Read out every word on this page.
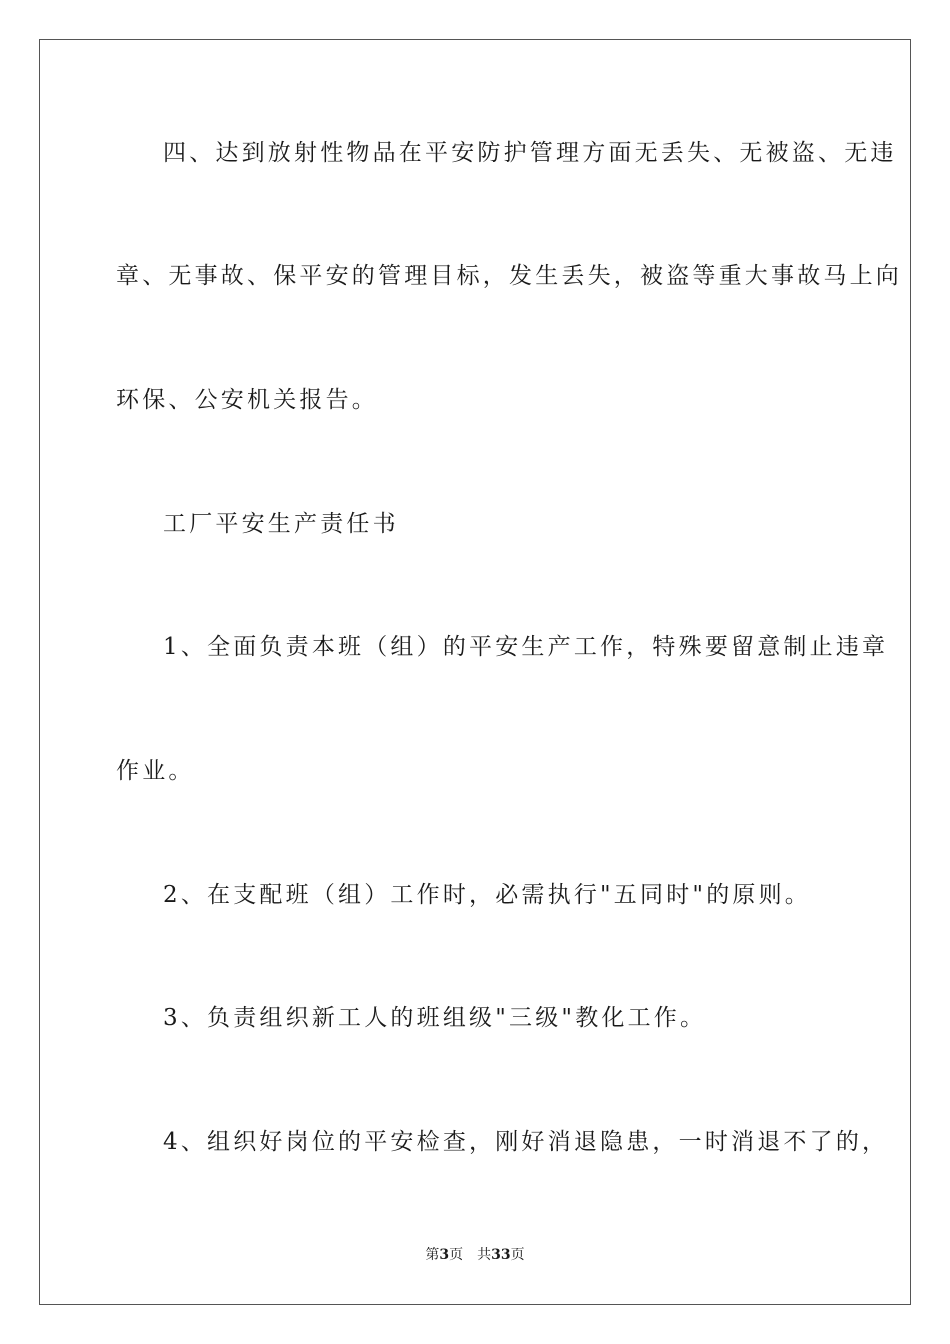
四、达到放射性物品在平安防护管理方面无丢失、无被盗、无违
章、无事故、保平安的管理目标，发生丢失，被盗等重大事故马上向
环保、公安机关报告。
工厂平安生产责任书
1、全面负责本班（组）的平安生产工作，特殊要留意制止违章
作业。
2、在支配班（组）工作时，必需执行"五同时"的原则。
3、负责组织新工人的班组级"三级"教化工作。
4、组织好岗位的平安检查，刚好消退隐患，一时消退不了的，
第3页 共33页
